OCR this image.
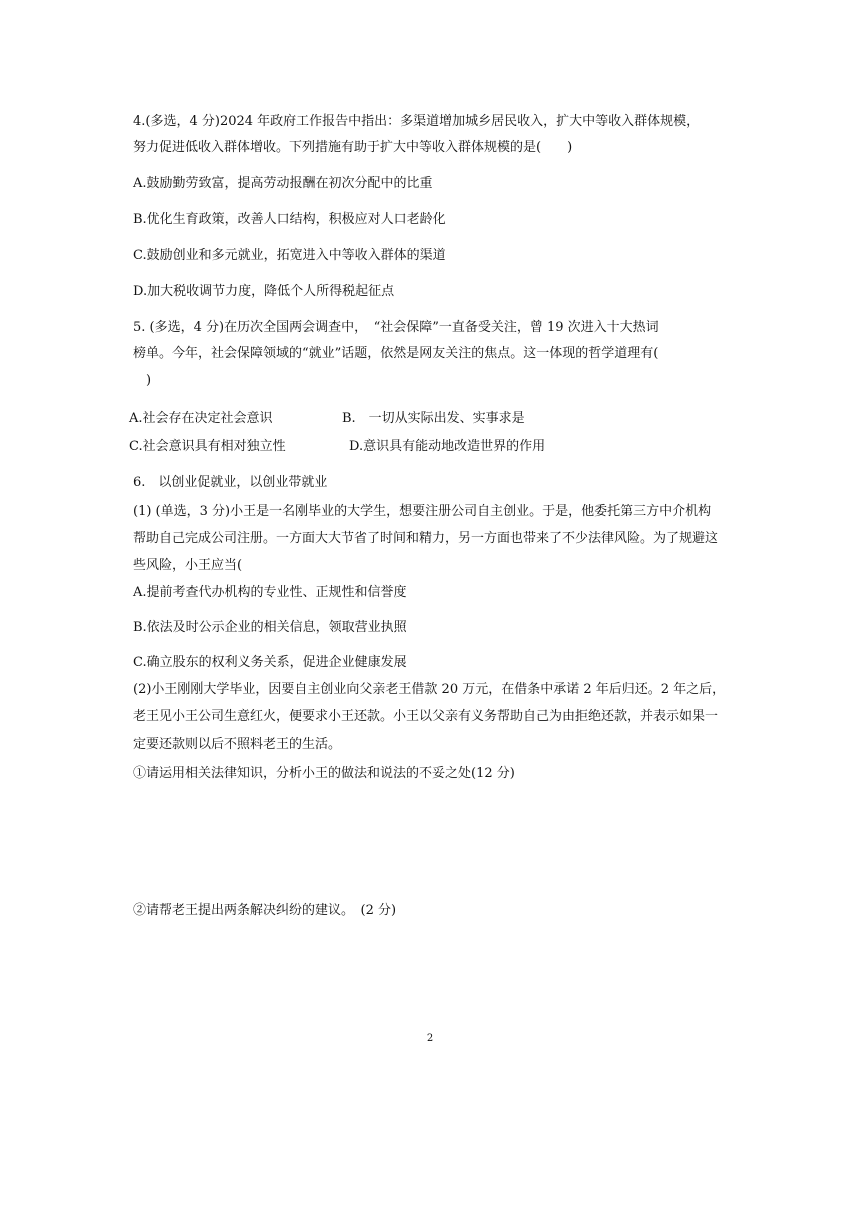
4.(多选，4 分)2024 年政府工作报告中指出：多渠道增加城乡居民收入，扩大中等收入群体规模，
努力促进低收入群体增收。下列措施有助于扩大中等收入群体规模的是(　　)
A.鼓励勤劳致富，提高劳动报酬在初次分配中的比重
B.优化生育政策，改善人口结构，积极应对人口老龄化
C.鼓励创业和多元就业，拓宽进入中等收入群体的渠道
D.加大税收调节力度，降低个人所得税起征点
5. (多选，4 分)在历次全国两会调查中，　“社会保障”一直备受关注，曾 19 次进入十大热词
榜单。今年，社会保障领域的“就业”话题，依然是网友关注的焦点。这一体现的哲学道理有(
)
A.社会存在决定社会意识	B.　一切从实际出发、实事求是
C.社会意识具有相对独立性	D.意识具有能动地改造世界的作用
6.　以创业促就业，以创业带就业
(1) (单选，3 分)小王是一名刚毕业的大学生，想要注册公司自主创业。于是，他委托第三方中介机构
帮助自己完成公司注册。一方面大大节省了时间和精力，另一方面也带来了不少法律风险。为了规避这
些风险，小王应当(
A.提前考查代办机构的专业性、正规性和信誉度
B.依法及时公示企业的相关信息，领取营业执照
C.确立股东的权利义务关系，促进企业健康发展
(2)小王刚刚大学毕业，因要自主创业向父亲老王借款 20 万元，在借条中承诺 2 年后归还。2 年之后，
老王见小王公司生意红火，便要求小王还款。小王以父亲有义务帮助自己为由拒绝还款，并表示如果一
定要还款则以后不照料老王的生活。
①请运用相关法律知识，分析小王的做法和说法的不妥之处(12 分)
②请帮老王提出两条解决纠纷的建议。　(2 分)
2
